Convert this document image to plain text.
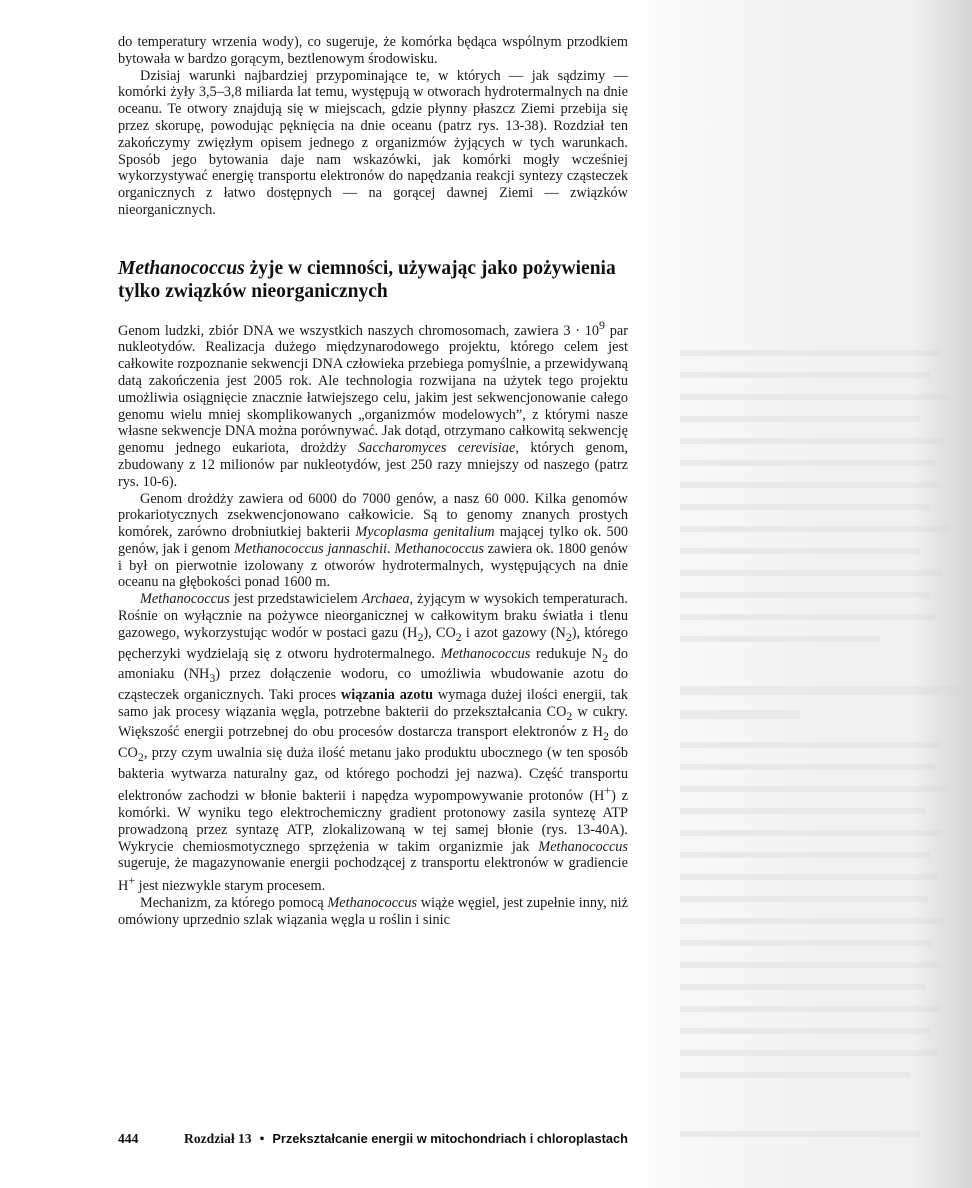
do temperatury wrzenia wody), co sugeruje, że komórka będąca wspólnym przodkiem bytowała w bardzo gorącym, beztlenowym środowisku.

Dzisiaj warunki najbardziej przypominające te, w których — jak sądzimy — komórki żyły 3,5–3,8 miliarda lat temu, występują w otworach hydrotermalnych na dnie oceanu. Te otwory znajdują się w miejscach, gdzie płynny płaszcz Ziemi przebija się przez skorupę, powodując pęknięcia na dnie oceanu (patrz rys. 13-38). Rozdział ten zakończymy zwięzłym opisem jednego z organizmów żyjących w tych warunkach. Sposób jego bytowania daje nam wskazówki, jak komórki mogły wcześniej wykorzystywać energię transportu elektronów do napędzania reakcji syntezy cząsteczek organicznych z łatwo dostępnych — na gorącej dawnej Ziemi — związków nieorganicznych.

Methanococcus żyje w ciemności, używając jako pożywienia tylko związków nieorganicznych

Genom ludzki, zbiór DNA we wszystkich naszych chromosomach, zawiera $3 \cdot 10^9$ par nukleotydów. Realizacja dużego międzynarodowego projektu, którego celem jest całkowite rozpoznanie sekwencji DNA człowieka przebiega pomyślnie, a przewidywaną datą zakończenia jest 2005 rok. Ale technologia rozwijana na użytek tego projektu umożliwia osiągnięcie znacznie łatwiejszego celu, jakim jest sekwencjonowanie całego genomu wielu mniej skomplikowanych „organizmów modelowych”, z którymi nasze własne sekwencje DNA można porównywać. Jak dotąd, otrzymano całkowitą sekwencję genomu jednego eukariota, drożdży Saccharomyces cerevisiae, których genom, zbudowany z 12 milionów par nukleotydów, jest 250 razy mniejszy od naszego (patrz rys. 10-6).

Genom drożdży zawiera od 6000 do 7000 genów, a nasz 60 000. Kilka genomów prokariotycznych zsekwencjonowano całkowicie. Są to genomy znanych prostych komórek, zarówno drobniutkiej bakterii Mycoplasma genitalium mającej tylko ok. 500 genów, jak i genom Methanococcus jannaschii. Methanococcus zawiera ok. 1800 genów i był on pierwotnie izolowany z otworów hydrotermalnych, występujących na dnie oceanu na głębokości ponad 1600 m.

Methanococcus jest przedstawicielem Archaea, żyjącym w wysokich temperaturach. Rośnie on wyłącznie na pożywce nieorganicznej w całkowitym braku światła i tlenu gazowego, wykorzystując wodór w postaci gazu $(H_2)$, $CO_2$ i azot gazowy $(N_2)$, którego pęcherzyki wydzielają się z otworu hydrotermalnego. Methanococcus redukuje $N_2$ do amoniaku $(NH_3)$ przez dołączenie wodoru, co umożliwia wbudowanie azotu do cząsteczek organicznych. Taki proces wiązania azotu wymaga dużej ilości energii, tak samo jak procesy wiązania węgla, potrzebne bakterii do przekształcania $CO_2$ w cukry. Większość energii potrzebnej do obu procesów dostarcza transport elektronów z $H_2$ do $CO_2$, przy czym uwalnia się duża ilość metanu jako produktu ubocznego (w ten sposób bakteria wytwarza naturalny gaz, od którego pochodzi jej nazwa). Część transportu elektronów zachodzi w błonie bakterii i napędza wypompowywanie protonów (H+) z komórki. W wyniku tego elektrochemiczny gradient protonowy zasila syntezę ATP prowadzoną przez syntazę ATP, zlokalizowaną w tej samej błonie (rys. 13-40A). Wykrycie chemiosmotycznego sprzężenia w takim organizmie jak Methanococcus sugeruje, że magazynowanie energii pochodzącej z transportu elektronów w gradiencie H+ jest niezwykle starym procesem.

Mechanizm, za którego pomocą Methanococcus wiąże węgiel, jest zupełnie inny, niż omówiony uprzednio szlak wiązania węgla u roślin i sinic

444	Rozdział 13 • Przekształcanie energii w mitochondriach i chloroplastach
